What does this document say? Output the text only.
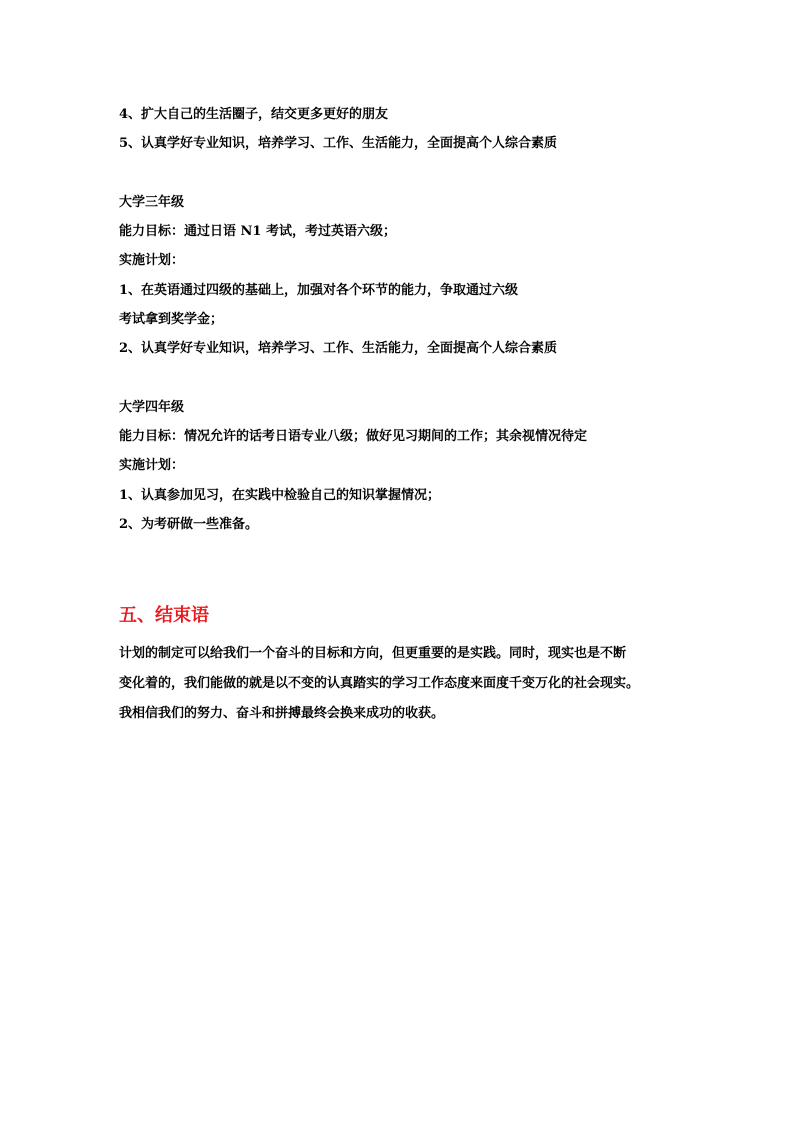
4、扩大自己的生活圈子，结交更多更好的朋友
5、认真学好专业知识，培养学习、工作、生活能力，全面提高个人综合素质
大学三年级
能力目标：通过日语 N1 考试，考过英语六级；
实施计划：
1、在英语通过四级的基础上，加强对各个环节的能力，争取通过六级
考试拿到奖学金；
2、认真学好专业知识，培养学习、工作、生活能力，全面提高个人综合素质
大学四年级
能力目标：情况允许的话考日语专业八级；做好见习期间的工作；其余视情况待定
实施计划：
1、认真参加见习，在实践中检验自己的知识掌握情况；
2、为考研做一些准备。
五、结束语
计划的制定可以给我们一个奋斗的目标和方向，但更重要的是实践。同时，现实也是不断
变化着的，我们能做的就是以不变的认真踏实的学习工作态度来面度千变万化的社会现实。
我相信我们的努力、奋斗和拼搏最终会换来成功的收获。
